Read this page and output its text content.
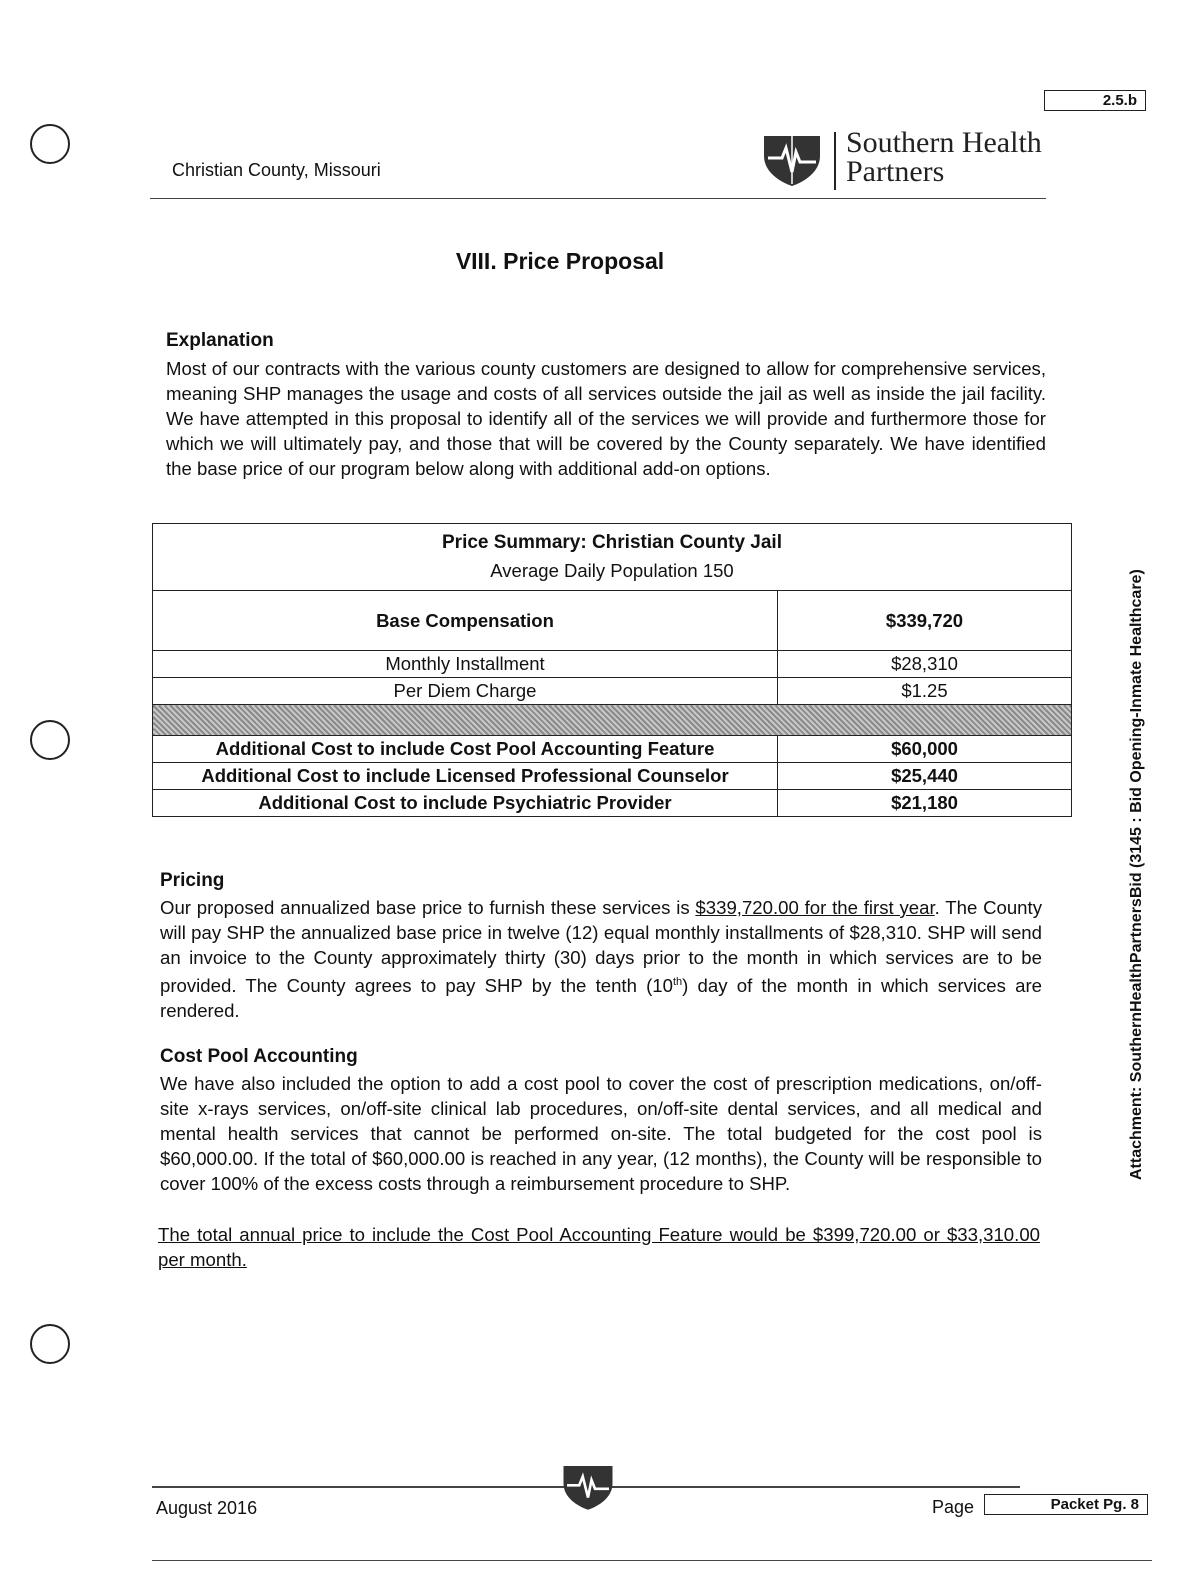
2.5.b
Christian County, Missouri
Southern Health
Partners
VIII. Price Proposal
Explanation
Most of our contracts with the various county customers are designed to allow for comprehensive services, meaning SHP manages the usage and costs of all services outside the jail as well as inside the jail facility. We have attempted in this proposal to identify all of the services we will provide and furthermore those for which we will ultimately pay, and those that will be covered by the County separately. We have identified the base price of our program below along with additional add-on options.
Price Summary: Christian County Jail
Average Daily Population 150	

Base Compensation	$339,720
Monthly Installment	$28,310
Per Diem Charge	$1.25

Additional Cost to include Cost Pool Accounting Feature	$60,000
Additional Cost to include Licensed Professional Counselor	$25,440
Additional Cost to include Psychiatric Provider	$21,180
Pricing
Our proposed annualized base price to furnish these services is $339,720.00 for the first year. The County will pay SHP the annualized base price in twelve (12) equal monthly installments of $28,310. SHP will send an invoice to the County approximately thirty (30) days prior to the month in which services are to be provided. The County agrees to pay SHP by the tenth (10th) day of the month in which services are rendered.
Cost Pool Accounting
We have also included the option to add a cost pool to cover the cost of prescription medications, on/off-site x-rays services, on/off-site clinical lab procedures, on/off-site dental services, and all medical and mental health services that cannot be performed on-site. The total budgeted for the cost pool is $60,000.00. If the total of $60,000.00 is reached in any year, (12 months), the County will be responsible to cover 100% of the excess costs through a reimbursement procedure to SHP.
The total annual price to include the Cost Pool Accounting Feature would be $399,720.00 or $33,310.00 per month.
Attachment: SouthernHealthPartnersBid (3145 : Bid Opening-Inmate Healthcare)
August 2016	Page	Packet Pg. 8
